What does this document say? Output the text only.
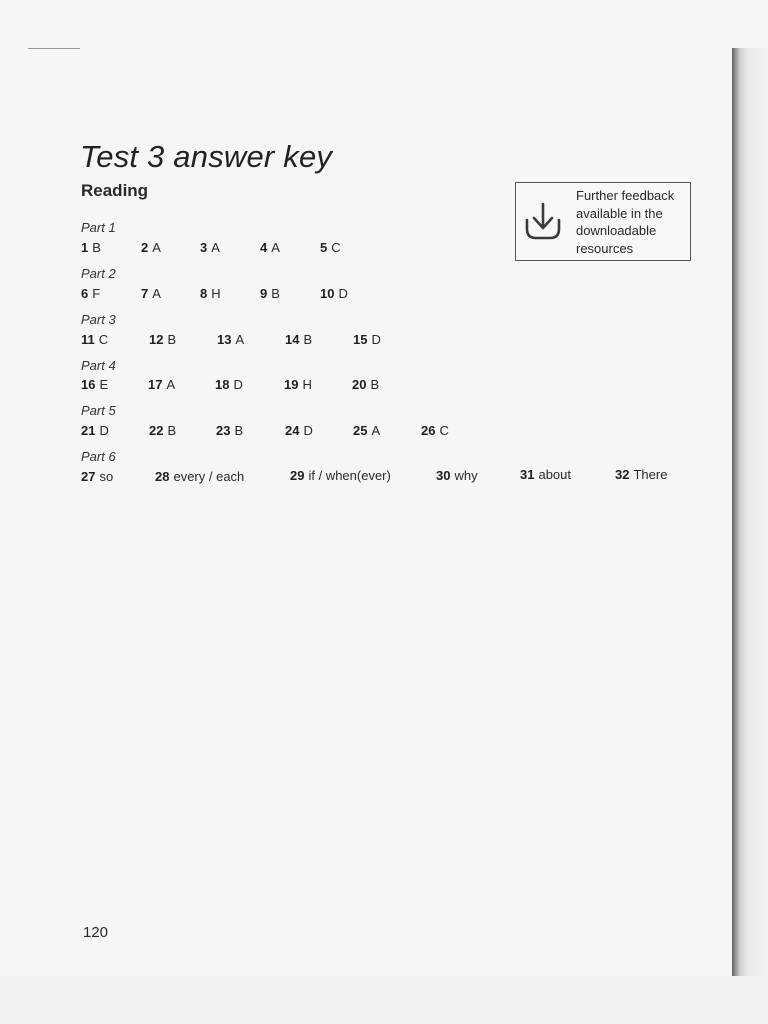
Test 3 answer key
Reading	Further feedback
available in the
downloadable
resources
Part 1
1 B	2 A	3 A	4 A	5 C
Part 2
6 F	7 A	8 H	9 B	10 D
Part 3
11 C	12 B	13 A	14 B	15 D
Part 4
16 E	17 A	18 D	19 H	20 B
Part 5
21 D	22 B	23 B	24 D	25 A	26 C
Part 6
27 so	28 every / each	29 if / when(ever)	30 why	31 about	32 There
120
